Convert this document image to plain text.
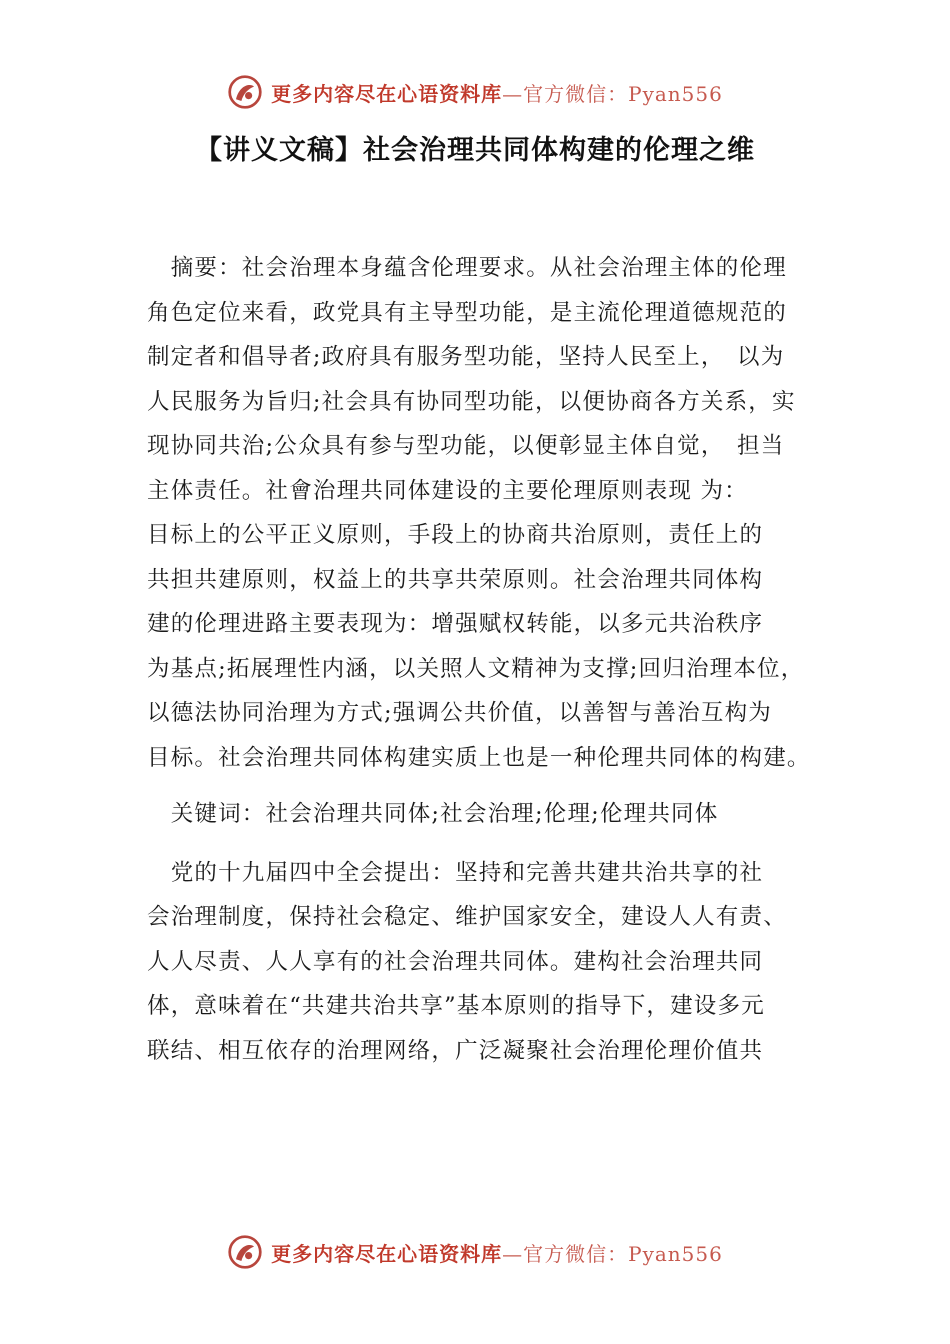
更多内容尽在心语资料库—官方微信：Pyan556
【讲义文稿】社会治理共同体构建的伦理之维
　摘要：社会治理本身蕴含伦理要求。从社会治理主体的伦理
角色定位来看，政党具有主导型功能，是主流伦理道德规范的
制定者和倡导者;政府具有服务型功能，坚持人民至上，　以为
人民服务为旨归;社会具有协同型功能，以便协商各方关系，实
现协同共治;公众具有参与型功能，以便彰显主体自觉，　担当
主体责任。社會治理共同体建设的主要伦理原则表现 为：
目标上的公平正义原则，手段上的协商共治原则，责任上的
共担共建原则，权益上的共享共荣原则。社会治理共同体构
建的伦理进路主要表现为：增强赋权转能，以多元共治秩序
为基点;拓展理性内涵，以关照人文精神为支撑;回归治理本位，
以德法协同治理为方式;强调公共价值，以善智与善治互构为
目标。社会治理共同体构建实质上也是一种伦理共同体的构建。
　关键词：社会治理共同体;社会治理;伦理;伦理共同体
　党的十九届四中全会提出：坚持和完善共建共治共享的社
会治理制度，保持社会稳定、维护国家安全，建设人人有责、
人人尽责、人人享有的社会治理共同体。建构社会治理共同
体，意味着在“共建共治共享”基本原则的指导下，建设多元
联结、相互依存的治理网络，广泛凝聚社会治理伦理价值共
更多内容尽在心语资料库—官方微信：Pyan556
